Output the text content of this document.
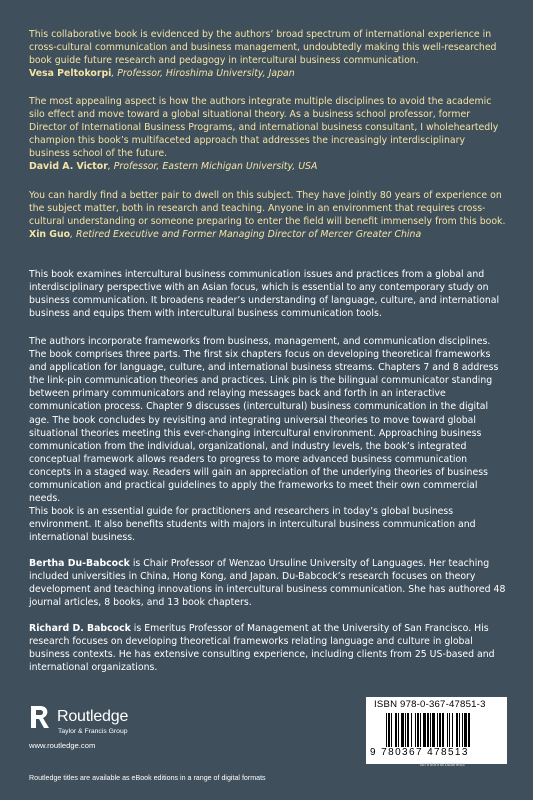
This collaborative book is evidenced by the authors’ broad spectrum of international experience in cross-cultural communication and business management, undoubtedly making this well-researched book guide future research and pedagogy in intercultural business communication.

Vesa Peltokorpi, Professor, Hiroshima University, Japan

The most appealing aspect is how the authors integrate multiple disciplines to avoid the academic silo effect and move toward a global situational theory. As a business school professor, former Director of International Business Programs, and international business consultant, I wholeheartedly champion this book’s multifaceted approach that addresses the increasingly interdisciplinary business school of the future.

David A. Victor, Professor, Eastern Michigan University, USA

You can hardly find a better pair to dwell on this subject. They have jointly 80 years of experience on the subject matter, both in research and teaching. Anyone in an environment that requires cross-cultural understanding or someone preparing to enter the field will benefit immensely from this book.

Xin Guo, Retired Executive and Former Managing Director of Mercer Greater China

This book examines intercultural business communication issues and practices from a global and interdisciplinary perspective with an Asian focus, which is essential to any contemporary study on business communication. It broadens reader’s understanding of language, culture, and international business and equips them with intercultural business communication tools.

The authors incorporate frameworks from business, management, and communication disciplines. The book comprises three parts. The first six chapters focus on developing theoretical frameworks and application for language, culture, and international business streams. Chapters 7 and 8 address the link-pin communication theories and practices. Link pin is the bilingual communicator standing between primary communicators and relaying messages back and forth in an interactive communication process. Chapter 9 discusses (intercultural) business communication in the digital age. The book concludes by revisiting and integrating universal theories to move toward global situational theories meeting this ever-changing intercultural environment. Approaching business communication from the individual, organizational, and industry levels, the book’s integrated conceptual framework allows readers to progress to more advanced business communication concepts in a staged way. Readers will gain an appreciation of the underlying theories of business communication and practical guidelines to apply the frameworks to meet their own commercial needs.

This book is an essential guide for practitioners and researchers in today’s global business environment. It also benefits students with majors in intercultural business communication and international business.

Bertha Du-Babcock is Chair Professor of Wenzao Ursuline University of Languages. Her teaching included universities in China, Hong Kong, and Japan. Du-Babcock’s research focuses on theory development and teaching innovations in intercultural business communication. She has authored 48 journal articles, 8 books, and 13 book chapters.

Richard D. Babcock is Emeritus Professor of Management at the University of San Francisco. His research focuses on developing theoretical frameworks relating language and culture in global business contexts. He has extensive consulting experience, including clients from 25 US-based and international organizations.

Routledge
Taylor & Francis Group
www.routledge.com
Routledge titles are available as eBook editions in a range of digital formats
ISBN 978-0-367-47851-3
9 780367 478513
an informa business
